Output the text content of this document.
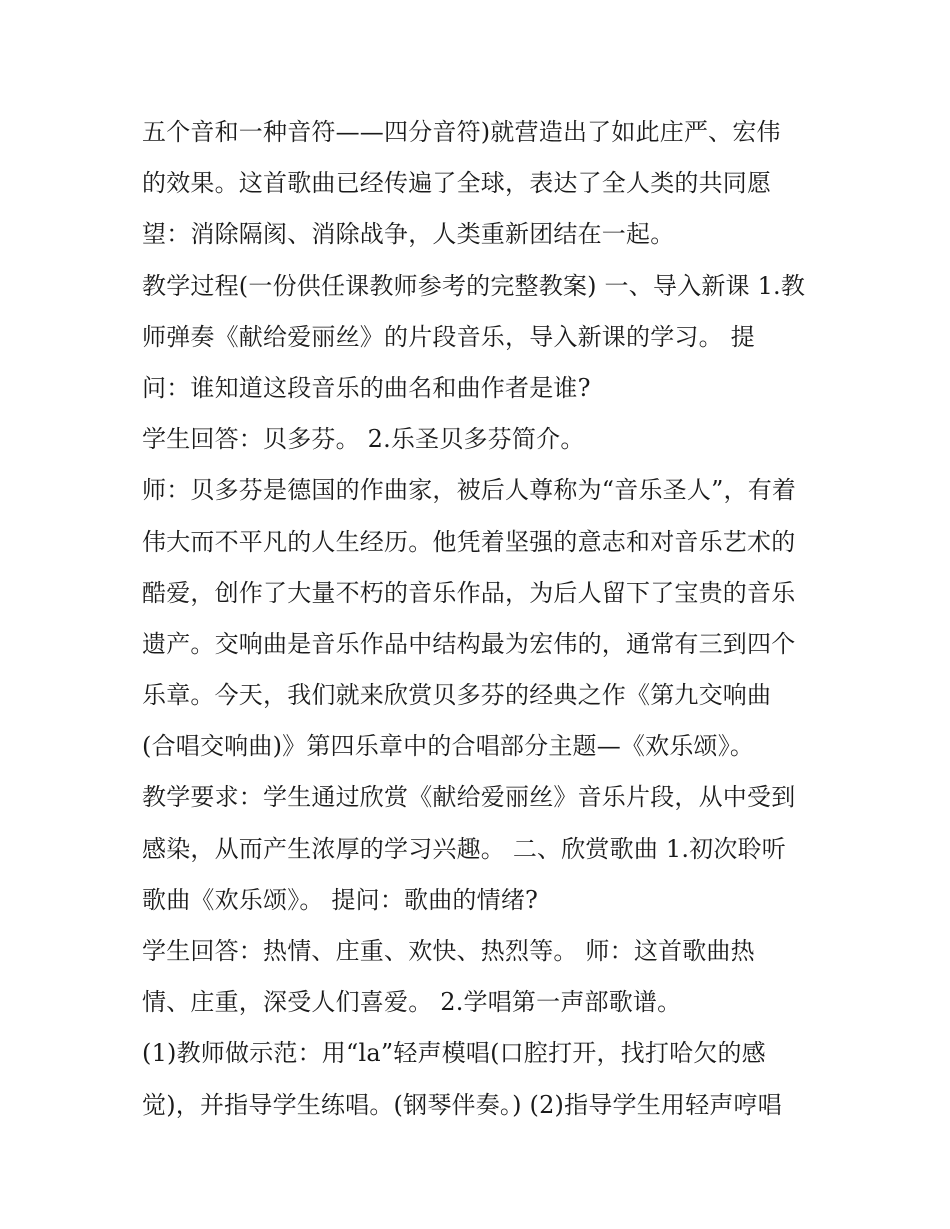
五个音和一种音符——四分音符)就营造出了如此庄严、宏伟
的效果。这首歌曲已经传遍了全球，表达了全人类的共同愿
望：消除隔阂、消除战争，人类重新团结在一起。
教学过程(一份供任课教师参考的完整教案) 一、导入新课 1.教
师弹奏《献给爱丽丝》的片段音乐，导入新课的学习。 提
问：谁知道这段音乐的曲名和曲作者是谁?
学生回答：贝多芬。 2.乐圣贝多芬简介。
师：贝多芬是德国的作曲家，被后人尊称为“音乐圣人”，有着
伟大而不平凡的人生经历。他凭着坚强的意志和对音乐艺术的
酷爱，创作了大量不朽的音乐作品，为后人留下了宝贵的音乐
遗产。交响曲是音乐作品中结构最为宏伟的，通常有三到四个
乐章。今天，我们就来欣赏贝多芬的经典之作《第九交响曲
(合唱交响曲)》第四乐章中的合唱部分主题—《欢乐颂》。
教学要求：学生通过欣赏《献给爱丽丝》音乐片段，从中受到
感染，从而产生浓厚的学习兴趣。 二、欣赏歌曲 1.初次聆听
歌曲《欢乐颂》。 提问：歌曲的情绪?
学生回答：热情、庄重、欢快、热烈等。 师：这首歌曲热
情、庄重，深受人们喜爱。 2.学唱第一声部歌谱。
(1)教师做示范：用“la”轻声模唱(口腔打开，找打哈欠的感
觉)，并指导学生练唱。(钢琴伴奏。) (2)指导学生用轻声哼唱
